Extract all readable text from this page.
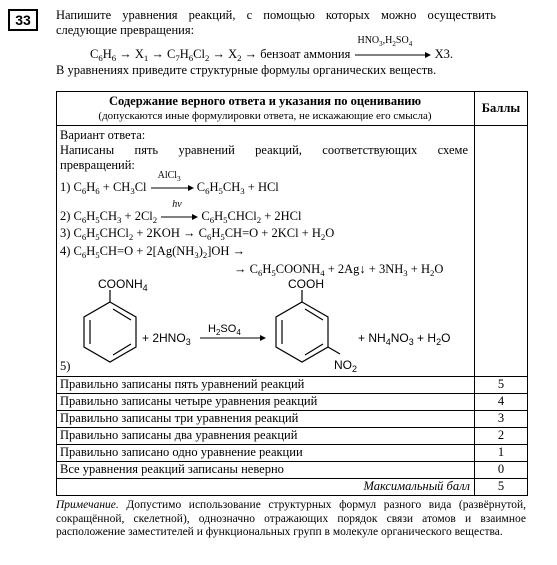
33	Напишите уравнения реакций, с помощью которых можно осуществить следующие превращения:

$C_6H_6 \to X_1 \to C_7H_6Cl_2 \to X_2$ → бензоат аммония
$HNO_3,H_2SO_4$
X3.
В уравнениях приведите структурные формулы органических веществ.
Содержание верного ответа и указания по оцениванию
(допускаются иные формулировки ответа, не искажающие его смысла)
Баллы
Вариант ответа:
Написаны пять уравнений реакций, соответствующих схеме
превращений:
1) $C_6H_6 + CH_3Cl$
AlCl$_3$
$C_6H_5CH_3$ + HCl
2) $C_6H_5CH_3 + 2Cl_2$
hv
$C_6H_5CHCl_2 + 2HCl$
3) $C_6H_5CHCl_2 + 2KOH \to C_6H_5CH=O + 2KCl + H_2O$
4) $C_6H_5CH=O + 2[Ag(NH_3)_2]OH$ →
→ $C_6H_5COONH_4$ + 2Ag↓ + $3NH_3 + H_2O$
$COONH_4$
+ $2HNO_3$
$H_2SO_4$
COOH
$NO_2$
+ $NH_4NO_3 + H_2O$
5)
Правильно записаны пять уравнений реакций	5
Правильно записаны четыре уравнения реакций	4
Правильно записаны три уравнения реакций	3
Правильно записаны два уравнения реакций	2
Правильно записано одно уравнение реакции	1
Все уравнения реакций записаны неверно	0
Максимальный балл	5
Примечание. Допустимо использование структурных формул разного вида (развёрнутой, сокращённой, скелетной), однозначно отражающих порядок связи атомов и взаимное расположение заместителей и функциональных групп в молекуле органического вещества.
